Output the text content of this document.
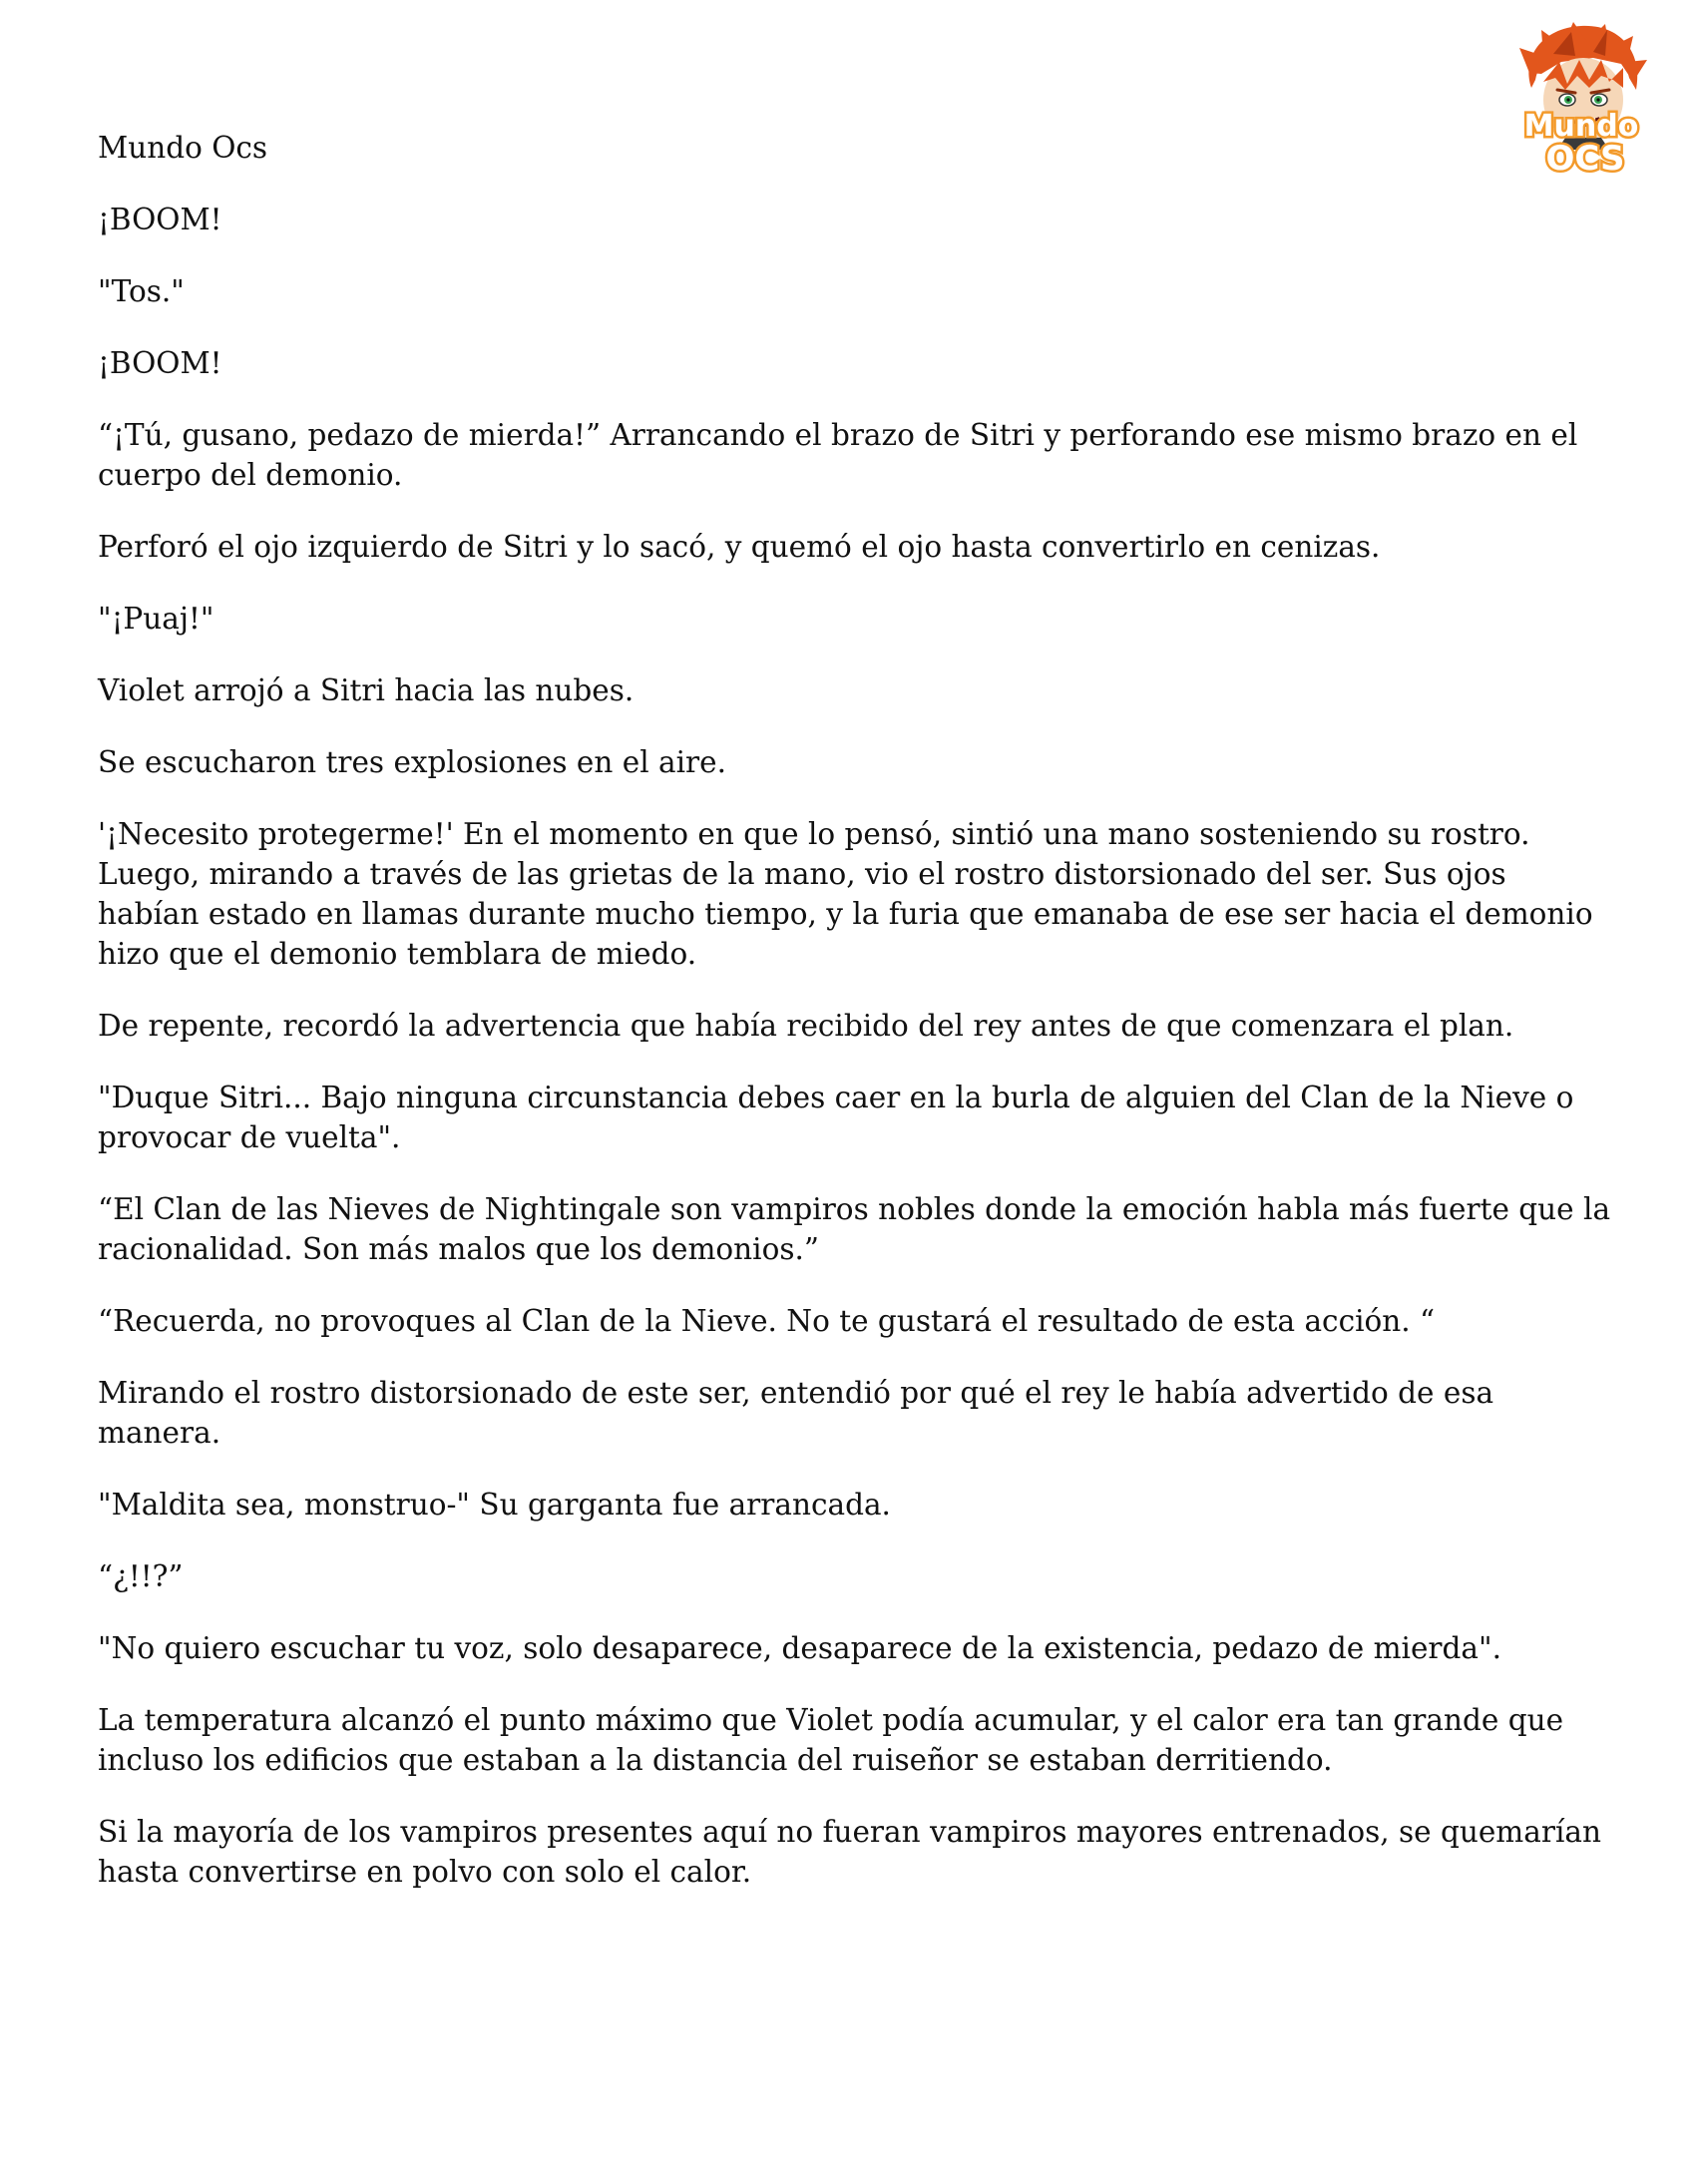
Mundo
OCS

Mundo Ocs

¡BOOM!

"Tos."

¡BOOM!

“¡Tú, gusano, pedazo de mierda!” Arrancando el brazo de Sitri y perforando ese mismo brazo en el cuerpo del demonio.

Perforó el ojo izquierdo de Sitri y lo sacó, y quemó el ojo hasta convertirlo en cenizas.

"¡Puaj!"

Violet arrojó a Sitri hacia las nubes.

Se escucharon tres explosiones en el aire.

'¡Necesito protegerme!' En el momento en que lo pensó, sintió una mano sosteniendo su rostro. Luego, mirando a través de las grietas de la mano, vio el rostro distorsionado del ser. Sus ojos habían estado en llamas durante mucho tiempo, y la furia que emanaba de ese ser hacia el demonio hizo que el demonio temblara de miedo.

De repente, recordó la advertencia que había recibido del rey antes de que comenzara el plan.

"Duque Sitri... Bajo ninguna circunstancia debes caer en la burla de alguien del Clan de la Nieve o provocar de vuelta".

“El Clan de las Nieves de Nightingale son vampiros nobles donde la emoción habla más fuerte que la racionalidad. Son más malos que los demonios.”

“Recuerda, no provoques al Clan de la Nieve. No te gustará el resultado de esta acción. “

Mirando el rostro distorsionado de este ser, entendió por qué el rey le había advertido de esa manera.

"Maldita sea, monstruo-" Su garganta fue arrancada.

“¿!!?”

"No quiero escuchar tu voz, solo desaparece, desaparece de la existencia, pedazo de mierda".

La temperatura alcanzó el punto máximo que Violet podía acumular, y el calor era tan grande que incluso los edificios que estaban a la distancia del ruiseñor se estaban derritiendo.

Si la mayoría de los vampiros presentes aquí no fueran vampiros mayores entrenados, se quemarían hasta convertirse en polvo con solo el calor.
